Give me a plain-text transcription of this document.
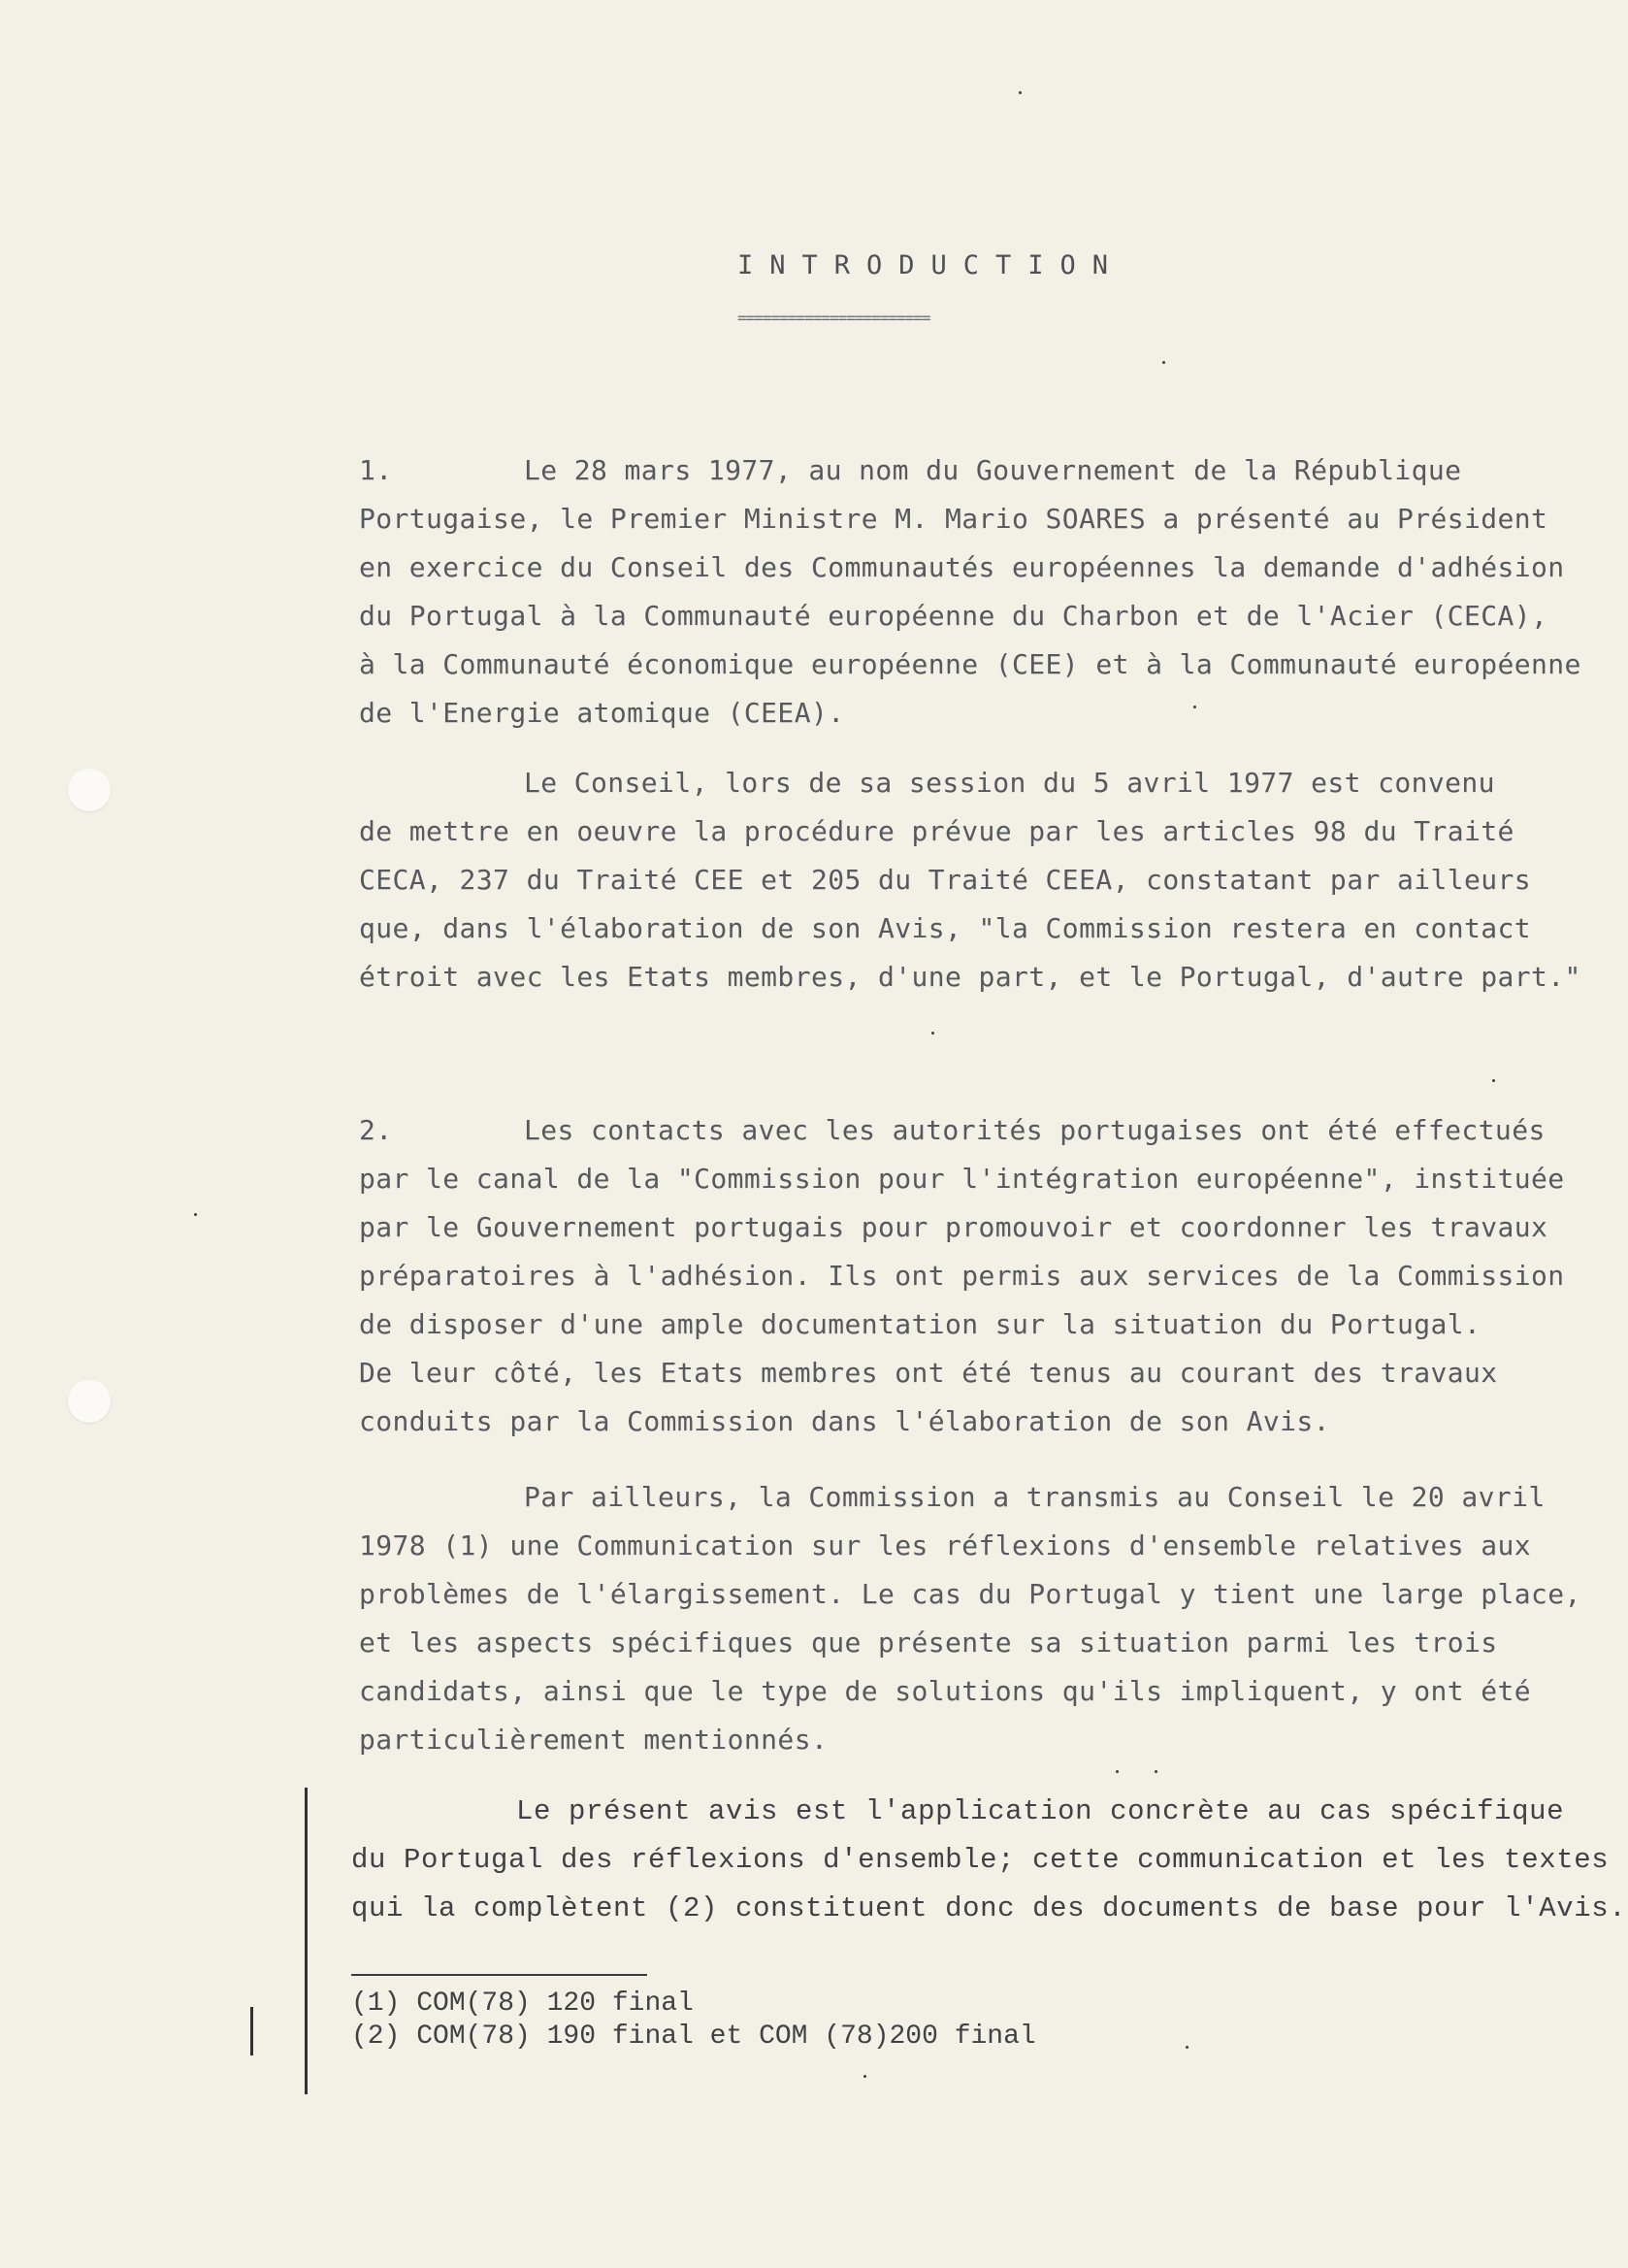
INTRODUCTION
=======================
1.	Le 28 mars 1977, au nom du Gouvernement de la République
Portugaise, le Premier Ministre M. Mario SOARES a présenté au Président
en exercice du Conseil des Communautés européennes la demande d'adhésion
du Portugal à la Communauté européenne du Charbon et de l'Acier (CECA),
à la Communauté économique européenne (CEE) et à la Communauté européenne
de l'Energie atomique (CEEA).
Le Conseil, lors de sa session du 5 avril 1977 est convenu
de mettre en oeuvre la procédure prévue par les articles 98 du Traité
CECA, 237 du Traité CEE et 205 du Traité CEEA, constatant par ailleurs
que, dans l'élaboration de son Avis, "la Commission restera en contact
étroit avec les Etats membres, d'une part, et le Portugal, d'autre part."
2.	Les contacts avec les autorités portugaises ont été effectués
par le canal de la "Commission pour l'intégration européenne", instituée
par le Gouvernement portugais pour promouvoir et coordonner les travaux
préparatoires à l'adhésion. Ils ont permis aux services de la Commission
de disposer d'une ample documentation sur la situation du Portugal.
De leur côté, les Etats membres ont été tenus au courant des travaux
conduits par la Commission dans l'élaboration de son Avis.
Par ailleurs, la Commission a transmis au Conseil le 20 avril
1978 (1) une Communication sur les réflexions d'ensemble relatives aux
problèmes de l'élargissement. Le cas du Portugal y tient une large place,
et les aspects spécifiques que présente sa situation parmi les trois
candidats, ainsi que le type de solutions qu'ils impliquent, y ont été
particulièrement mentionnés.
Le présent avis est l'application concrète au cas spécifique
du Portugal des réflexions d'ensemble; cette communication et les textes
qui la complètent (2) constituent donc des documents de base pour l'Avis.
(1) COM(78) 120 final
(2) COM(78) 190 final et COM (78)200 final
